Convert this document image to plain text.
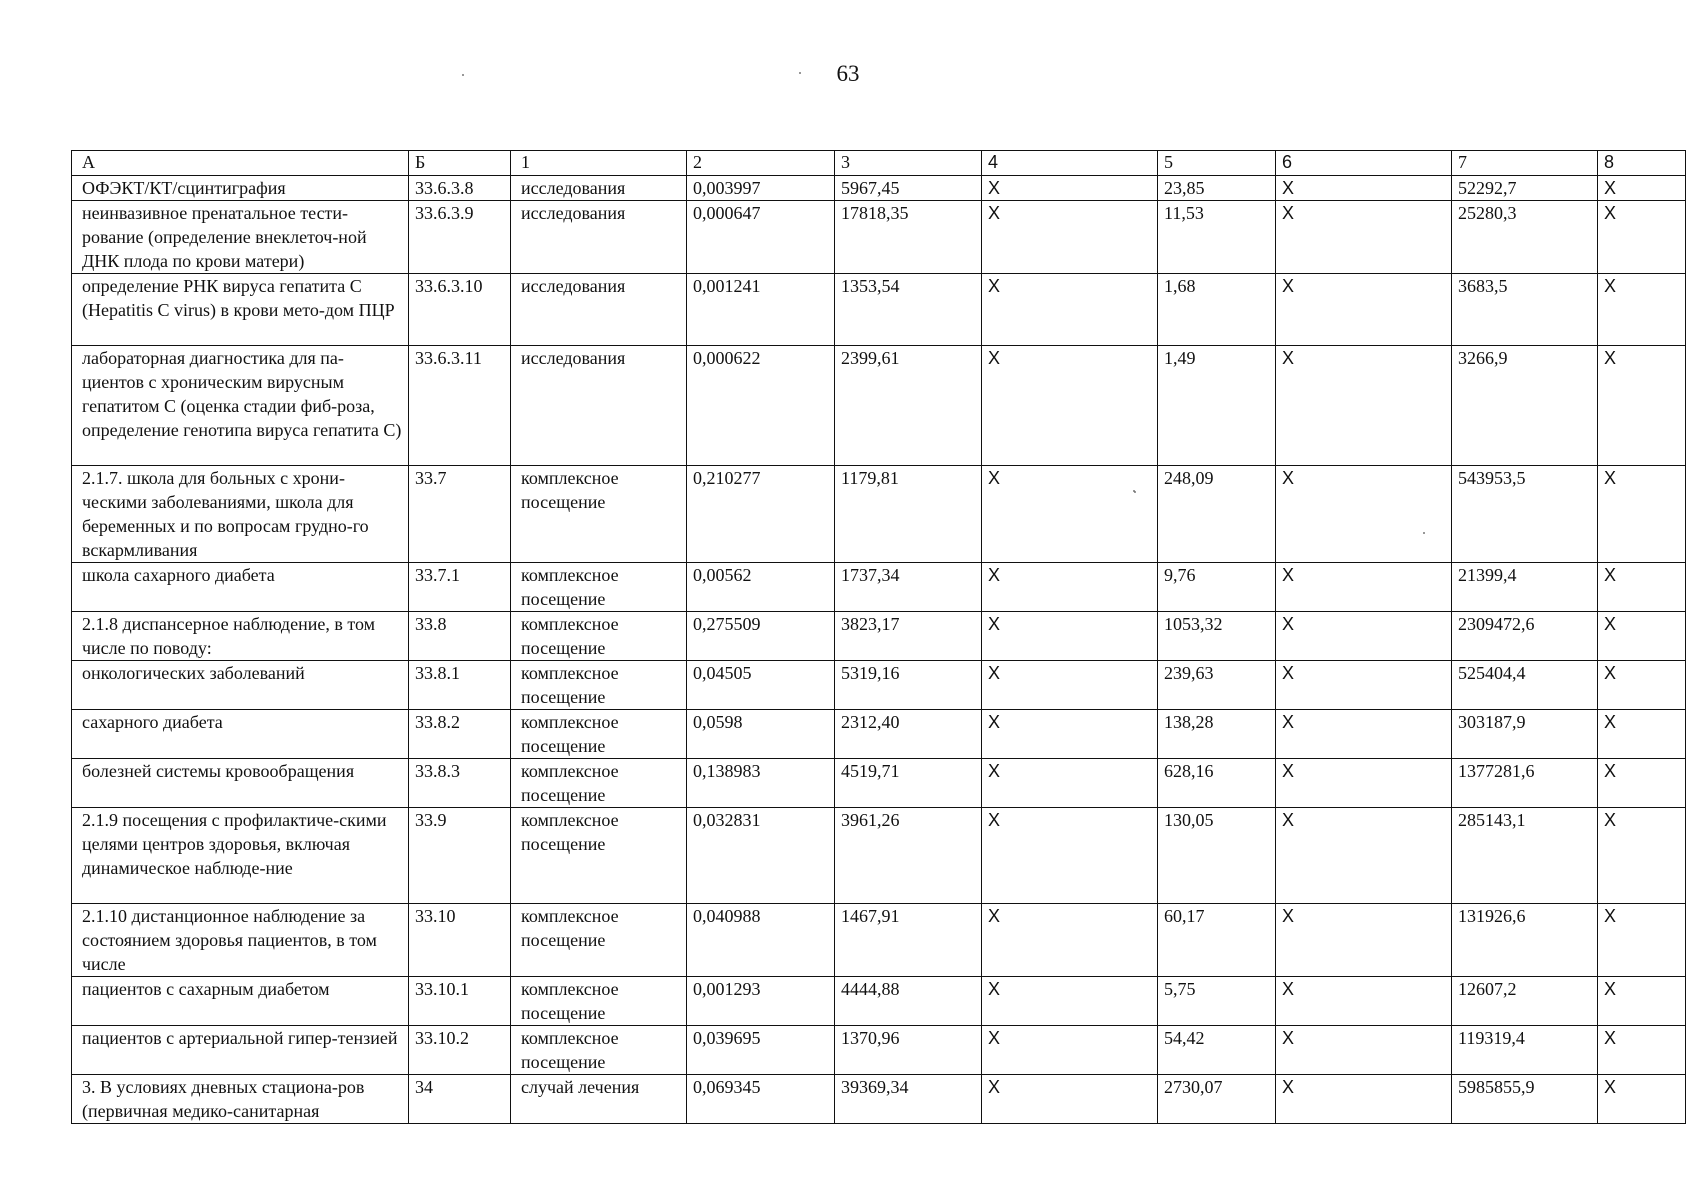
63
А	Б	1	2	3	4	5	6	7	8
ОФЭКТ/КТ/сцинтиграфия	33.6.3.8	исследования	0,003997	5967,45	Х	23,85	Х	52292,7	Х
неинвазивное пренатальное тести-рование (определение внеклеточ-ной ДНК плода по крови матери)	33.6.3.9	исследования	0,000647	17818,35	Х	11,53	Х	25280,3	Х
определение РНК вируса гепатита С (Hepatitis C virus) в крови мето-дом ПЦР	33.6.3.10	исследования	0,001241	1353,54	Х	1,68	Х	3683,5	Х
лабораторная диагностика для па-циентов с хроническим вирусным гепатитом С (оценка стадии фиб-роза, определение генотипа вируса гепатита С)	33.6.3.11	исследования	0,000622	2399,61	Х	1,49	Х	3266,9	Х
2.1.7. школа для больных с хрони-ческими заболеваниями, школа для беременных и по вопросам грудно-го вскармливания	33.7	комплексное посещение	0,210277	1179,81	Х	248,09	Х	543953,5	Х
школа сахарного диабета	33.7.1	комплексное посещение	0,00562	1737,34	Х	9,76	Х	21399,4	Х
2.1.8 диспансерное наблюдение, в том числе по поводу:	33.8	комплексное посещение	0,275509	3823,17	Х	1053,32	Х	2309472,6	Х
онкологических заболеваний	33.8.1	комплексное посещение	0,04505	5319,16	Х	239,63	Х	525404,4	Х
сахарного диабета	33.8.2	комплексное посещение	0,0598	2312,40	Х	138,28	Х	303187,9	Х
болезней системы кровообращения	33.8.3	комплексное посещение	0,138983	4519,71	Х	628,16	Х	1377281,6	Х
2.1.9 посещения с профилактиче-скими целями центров здоровья, включая динамическое наблюде-ние	33.9	комплексное посещение	0,032831	3961,26	Х	130,05	Х	285143,1	Х
2.1.10 дистанционное наблюдение за состоянием здоровья пациентов, в том числе	33.10	комплексное посещение	0,040988	1467,91	Х	60,17	Х	131926,6	Х
пациентов с сахарным диабетом	33.10.1	комплексное посещение	0,001293	4444,88	Х	5,75	Х	12607,2	Х
пациентов с артериальной гипер-тензией	33.10.2	комплексное посещение	0,039695	1370,96	Х	54,42	Х	119319,4	Х
3. В условиях дневных стациона-ров (первичная медико-санитарная	34	случай лечения	0,069345	39369,34	Х	2730,07	Х	5985855,9	Х
